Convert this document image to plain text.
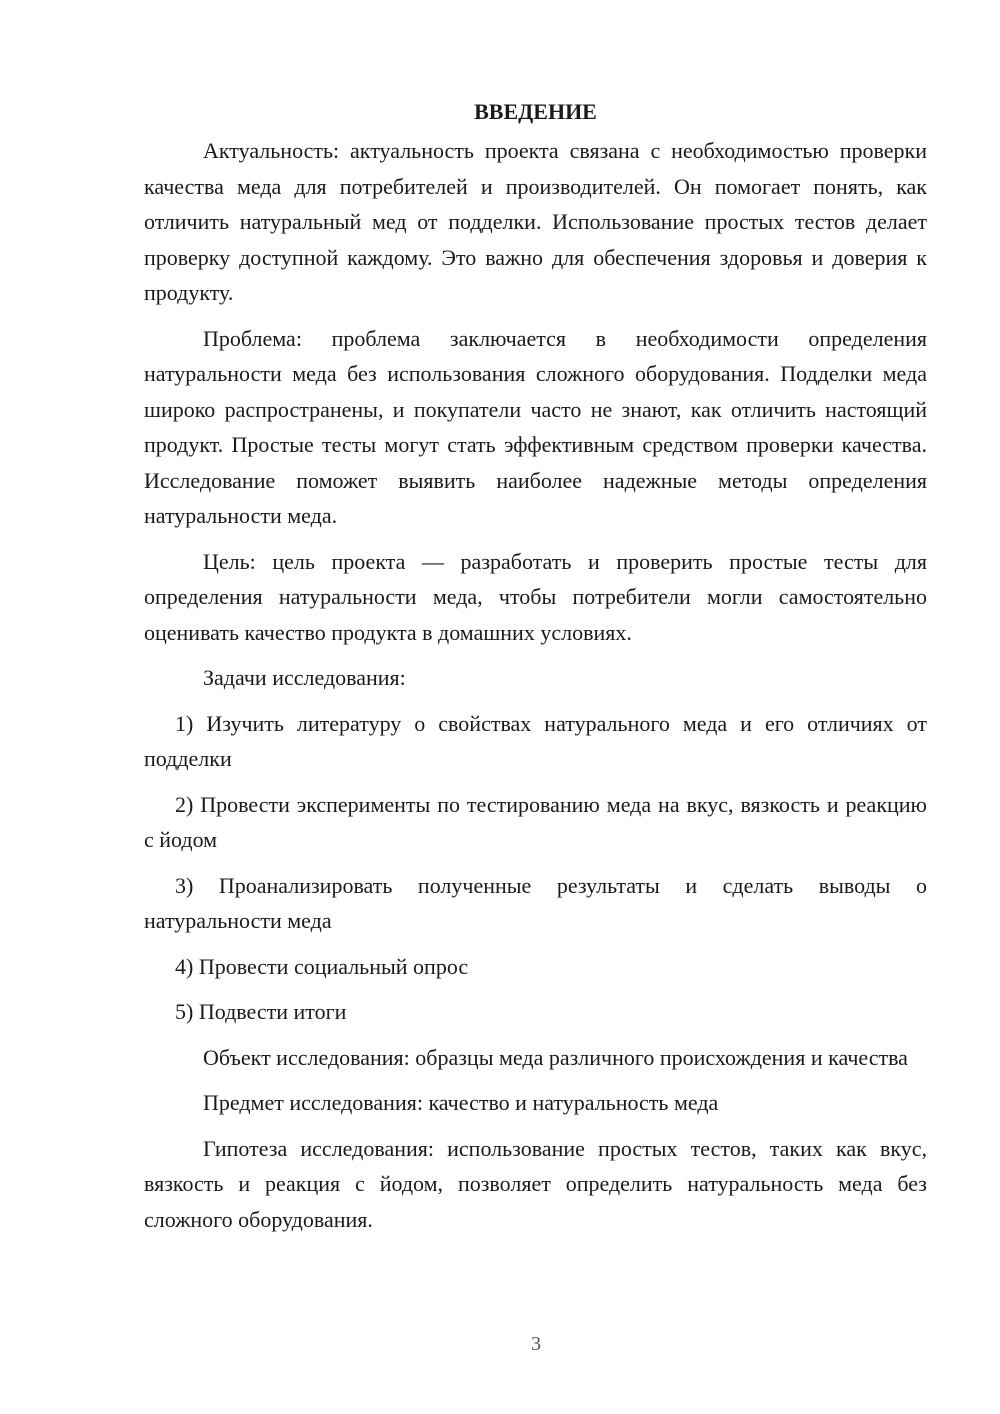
ВВЕДЕНИЕ

Актуальность: актуальность проекта связана с необходимостью проверки качества меда для потребителей и производителей. Он помогает понять, как отличить натуральный мед от подделки. Использование простых тестов делает проверку доступной каждому. Это важно для обеспечения здоровья и доверия к продукту.

Проблема: проблема заключается в необходимости определения натуральности меда без использования сложного оборудования. Подделки меда широко распространены, и покупатели часто не знают, как отличить настоящий продукт. Простые тесты могут стать эффективным средством проверки качества. Исследование поможет выявить наиболее надежные методы определения натуральности меда.

Цель: цель проекта — разработать и проверить простые тесты для определения натуральности меда, чтобы потребители могли самостоятельно оценивать качество продукта в домашних условиях.

Задачи исследования:

1) Изучить литературу о свойствах натурального меда и его отличиях от подделки

2) Провести эксперименты по тестированию меда на вкус, вязкость и реакцию с йодом

3) Проанализировать полученные результаты и сделать выводы о натуральности меда

4) Провести социальный опрос

5) Подвести итоги

Объект исследования: образцы меда различного происхождения и качества

Предмет исследования: качество и натуральность меда

Гипотеза исследования: использование простых тестов, таких как вкус, вязкость и реакция с йодом, позволяет определить натуральность меда без сложного оборудования.

3
